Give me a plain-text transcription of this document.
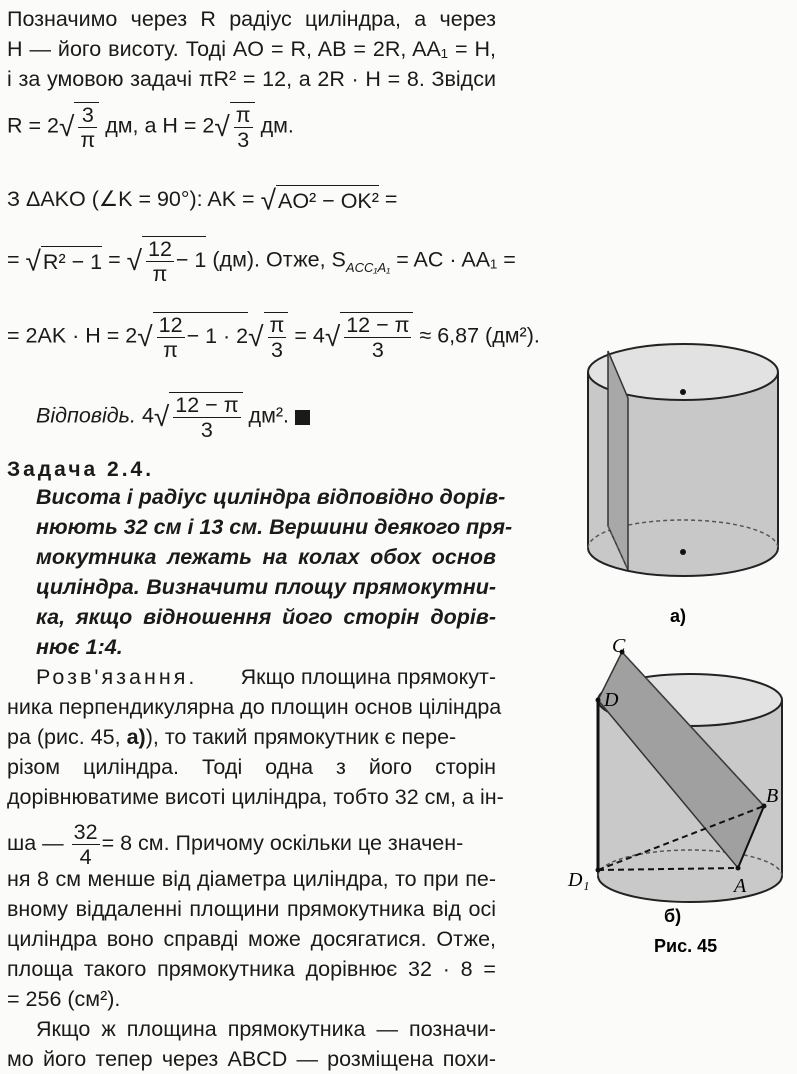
Позначимо через R радіус циліндра, а через
H — його висоту. Тоді AO = R, AB = 2R, AA₁ = H,
і за умовою задачі πR² = 12, а 2R · H = 8. Звідси
$R = 2√ \frac{3}{\pi}$ дм, а $H = 2√ \frac{\pi}{3}$ дм.
З ΔAKO (∠K = 90°): AK = √AO² − OK² =
= √R² − 1 = √ $\frac{12}{\pi} - 1$ (дм). Отже, $S_{ACC_1A_1}$ = AC · AA₁ =
= $2AK \cdot H = 2√ \frac{12}{\pi} - 1 \cdot 2√ \frac{\pi}{3} = 4√ \frac{12 - \pi}{3} \approx 6,87$ (дм²).
Відповідь. $4√ \frac{12 - \pi}{3} дм^2$.
Задача 2.4.
Висота і радіус циліндра відповідно дорів-
нюють 32 см і 13 см. Вершини деякого пря-
мокутника лежать на колах обох основ
циліндра. Визначити площу прямокутни-
ка, якщо відношення його сторін дорів-
нює 1:4.
Розв'язання. Якщо площина прямокут-
ника перпендикулярна до площин основ ціліндра
ра (рис. 45, а)), то такий прямокутник є пере-
різом циліндра. Тоді одна з його сторін
дорівнюватиме висоті циліндра, тобто 32 см, а ін-
ша — $\frac{32}{4} = 8$ см. Причому оскільки це значен-
ня 8 см менше від діаметра циліндра, то при пе-
вному віддаленні площини прямокутника від осі
циліндра воно справді може досягатися. Отже,
площа такого прямокутника дорівнює 32 · 8 =
= 256 (см²).
Якщо ж площина прямокутника — позначи-
мо його тепер через ABCD — розміщена похи-
а)
C
D
B
D₁	A
б)
Рис. 45
